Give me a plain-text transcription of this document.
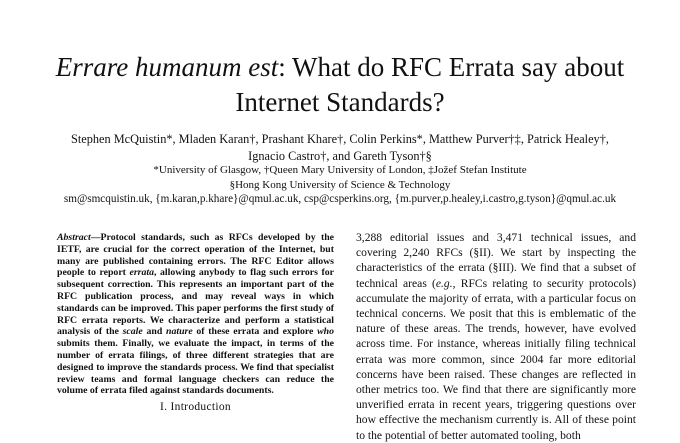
Errare humanum est: What do RFC Errata say about Internet Standards?
Stephen McQuistin*, Mladen Karan†, Prashant Khare†, Colin Perkins*, Matthew Purver†‡, Patrick Healey†,
Ignacio Castro†, and Gareth Tyson†§
*University of Glasgow, †Queen Mary University of London, ‡Jožef Stefan Institute
§Hong Kong University of Science & Technology
sm@smcquistin.uk, {m.karan,p.khare}@qmul.ac.uk, csp@csperkins.org, {m.purver,p.healey,i.castro,g.tyson}@qmul.ac.uk
Abstract—Protocol standards, such as RFCs developed by the IETF, are crucial for the correct operation of the Internet, but many are published containing errors. The RFC Editor allows people to report errata, allowing anybody to flag such errors for subsequent correction. This represents an important part of the RFC publication process, and may reveal ways in which standards can be improved. This paper performs the first study of RFC errata reports. We characterize and perform a statistical analysis of the scale and nature of these errata and explore who submits them. Finally, we evaluate the impact, in terms of the number of errata filings, of three different strategies that are designed to improve the standards process. We find that specialist review teams and formal language checkers can reduce the volume of errata filed against standards documents.
I. Introduction
3,288 editorial issues and 3,471 technical issues, and covering 2,240 RFCs (§II). We start by inspecting the characteristics of the errata (§III). We find that a subset of technical areas (e.g., RFCs relating to security protocols) accumulate the majority of errata, with a particular focus on technical concerns. We posit that this is emblematic of the nature of these areas. The trends, however, have evolved across time. For instance, whereas initially filing technical errata was more common, since 2004 far more editorial concerns have been raised. These changes are reflected in other metrics too. We find that there are significantly more unverified errata in recent years, triggering questions over how effective the mechanism currently is. All of these point to the potential of better automated tooling, both
